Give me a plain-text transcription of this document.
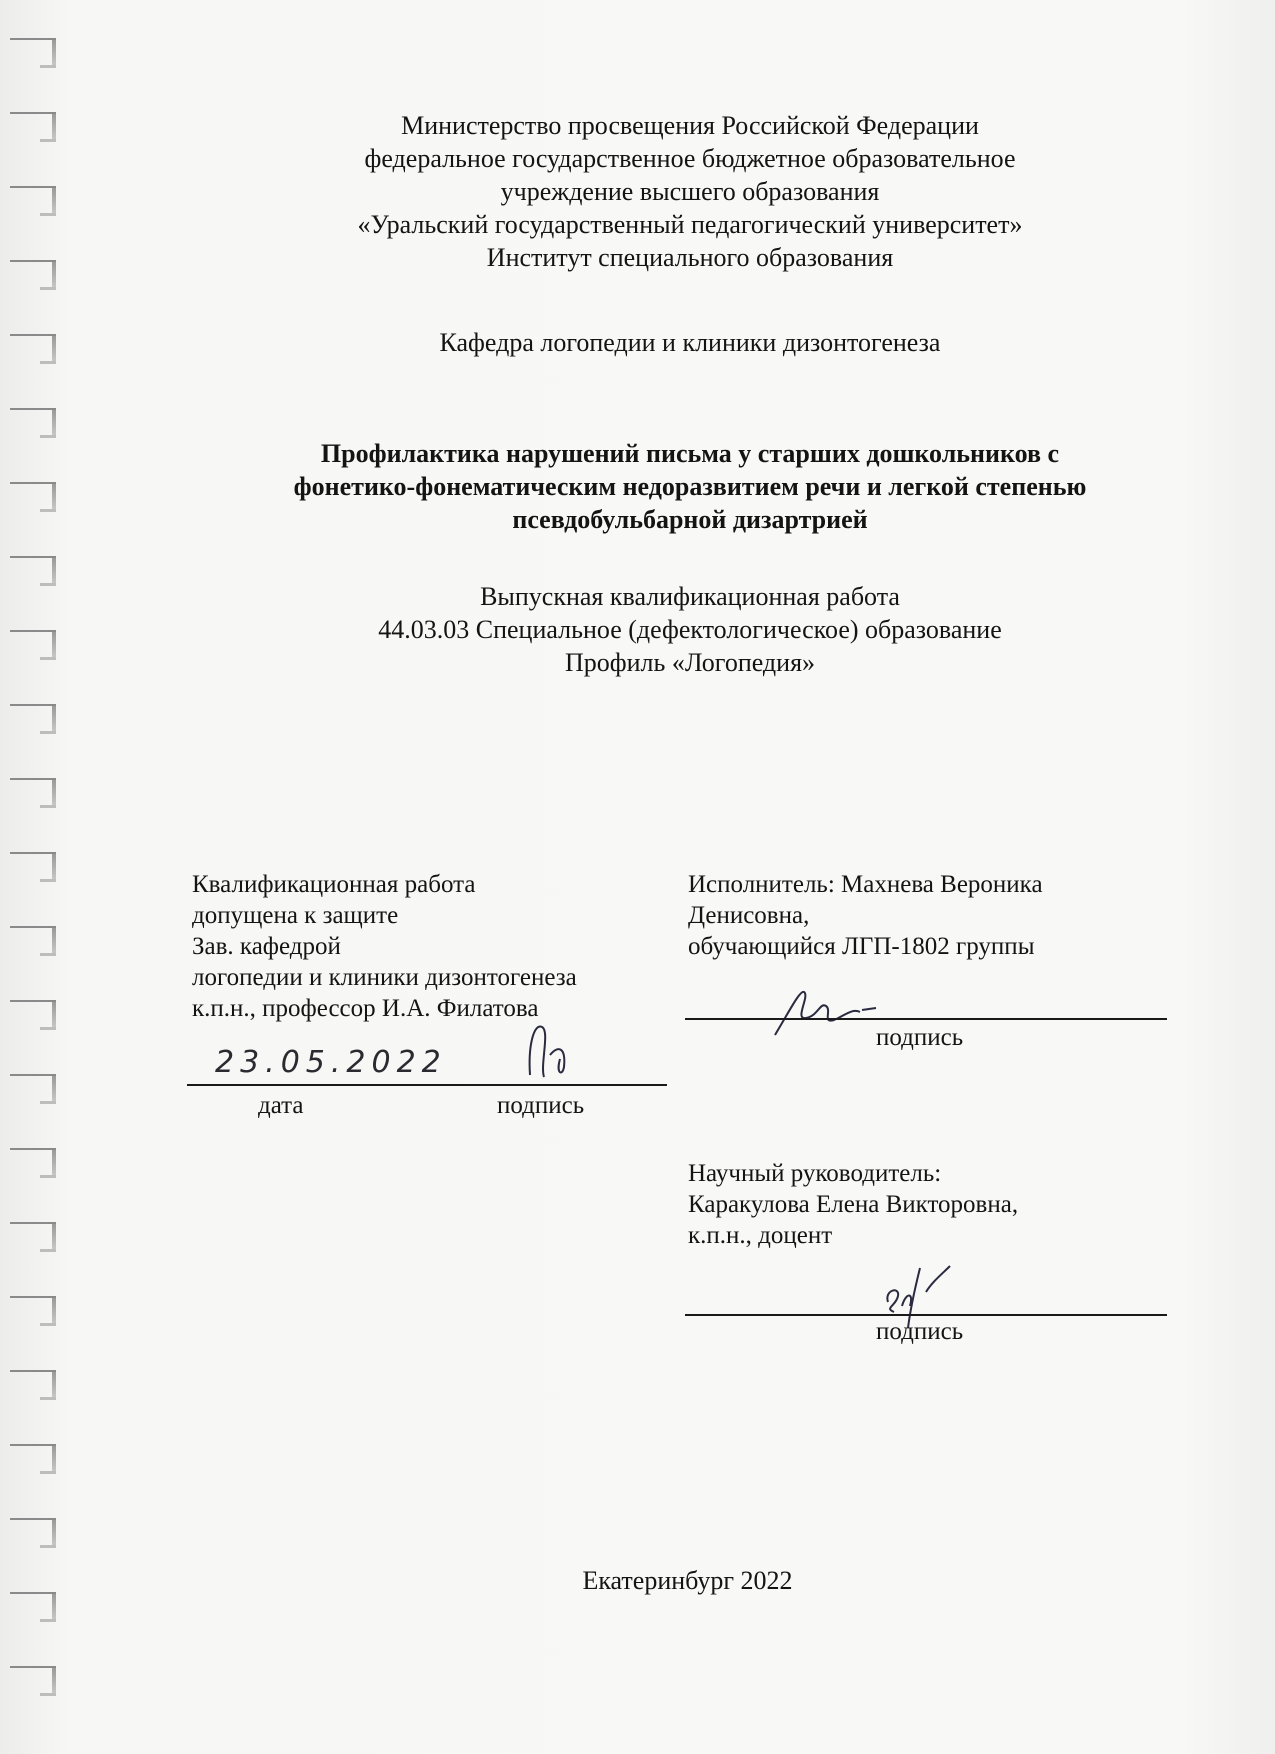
Министерство просвещения Российской Федерации
федеральное государственное бюджетное образовательное
учреждение высшего образования
«Уральский государственный педагогический университет»
Институт специального образования
Кафедра логопедии и клиники дизонтогенеза
Профилактика нарушений письма у старших дошкольников с
фонетико-фонематическим недоразвитием речи и легкой степенью
псевдобульбарной дизартрией
Выпускная квалификационная работа
44.03.03 Специальное (дефектологическое) образование
Профиль «Логопедия»
Квалификационная работа
допущена к защите
Зав. кафедрой
логопедии и клиники дизонтогенеза
к.п.н., профессор И.А. Филатова
23.05.2022
дата	подпись
Исполнитель: Махнева Вероника
Денисовна,
обучающийся ЛГП-1802 группы
подпись
Научный руководитель:
Каракулова Елена Викторовна,
к.п.н., доцент
подпись
Екатеринбург 2022
